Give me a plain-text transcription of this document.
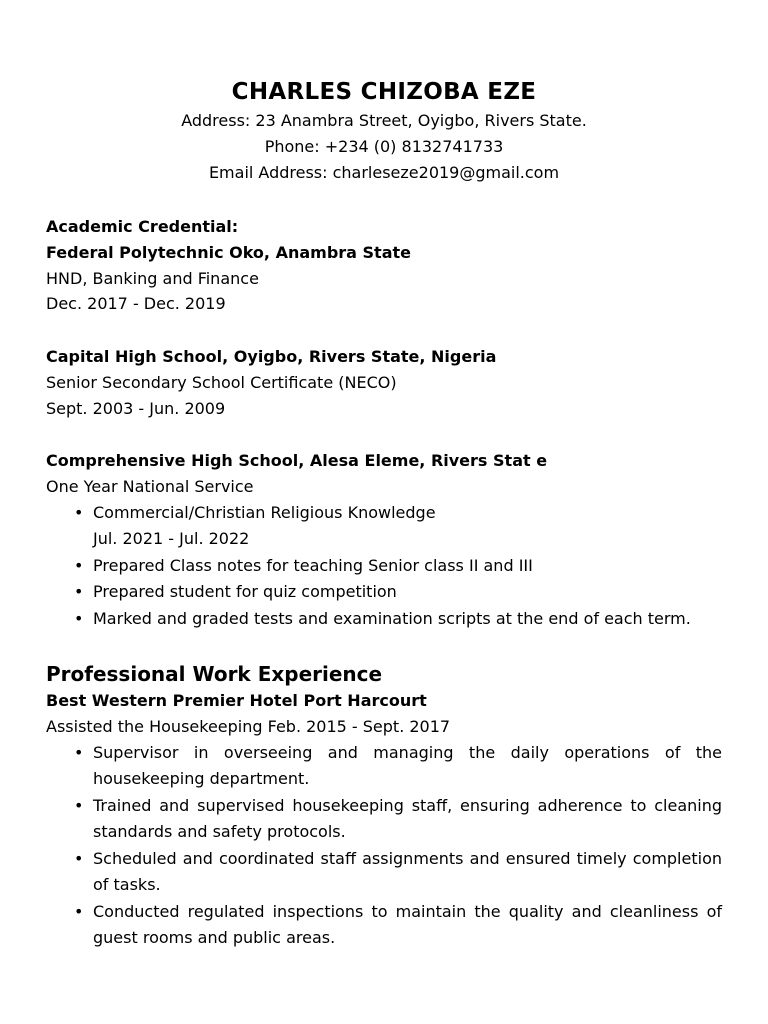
CHARLES CHIZOBA EZE
Address: 23 Anambra Street, Oyigbo, Rivers State.
Phone: +234 (0) 8132741733
Email Address: charleseze2019@gmail.com
Academic Credential:
Federal Polytechnic Oko, Anambra State
HND, Banking and Finance
Dec. 2017 - Dec. 2019
Capital High School, Oyigbo, Rivers State, Nigeria
Senior Secondary School Certificate (NECO)
Sept. 2003 - Jun. 2009
Comprehensive High School, Alesa Eleme, Rivers Stat e
One Year National Service
• Commercial/Christian Religious Knowledge
Jul. 2021 - Jul. 2022
• Prepared Class notes for teaching Senior class II and III
• Prepared student for quiz competition
• Marked and graded tests and examination scripts at the end of each term.
Professional Work Experience
Best Western Premier Hotel Port Harcourt
Assisted the Housekeeping Feb. 2015 - Sept. 2017
• Supervisor in overseeing and managing the daily operations of the housekeeping department.
• Trained and supervised housekeeping staff, ensuring adherence to cleaning standards and safety protocols.
• Scheduled and coordinated staff assignments and ensured timely completion of tasks.
• Conducted regulated inspections to maintain the quality and cleanliness of guest rooms and public areas.
